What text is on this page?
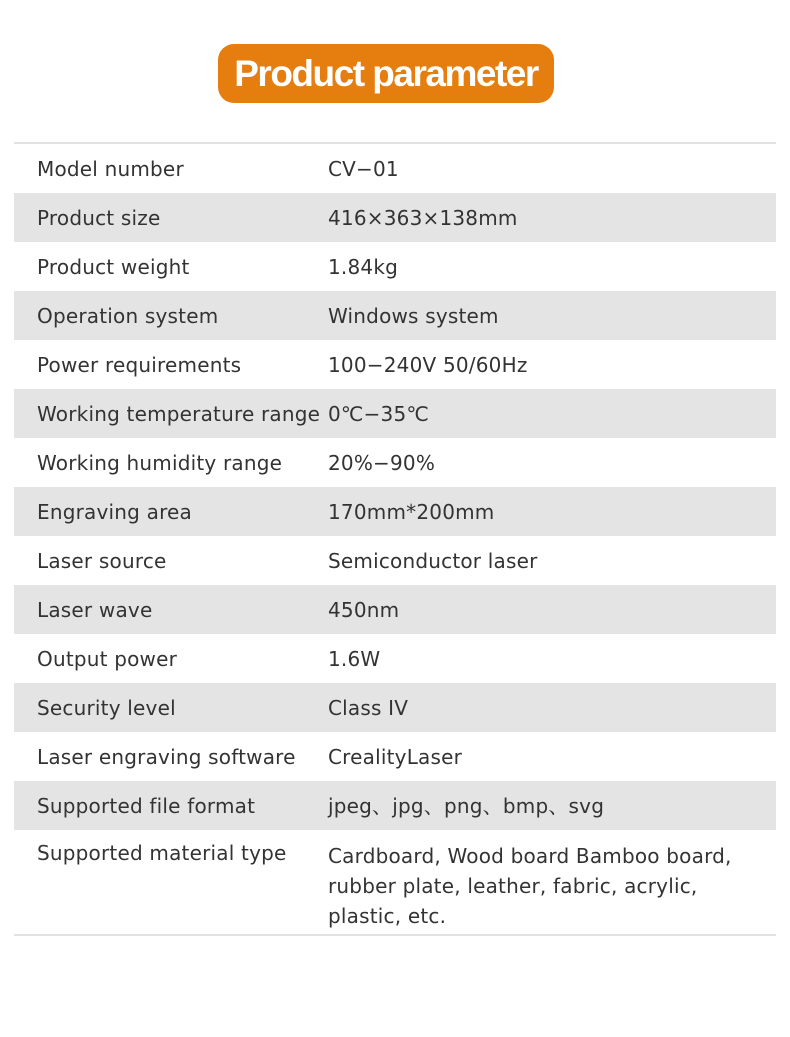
Product parameter
Model number	CV−01
Product size	416×363×138mm
Product weight	1.84kg
Operation system	Windows system
Power requirements	100−240V 50/60Hz
Working temperature range 0℃−35℃
Working humidity range	20%−90%
Engraving area	170mm*200mm
Laser source	Semiconductor laser
Laser wave	450nm
Output power	1.6W
Security level	Class IV
Laser engraving software	CrealityLaser
Supported file format	jpeg、jpg、png、bmp、svg
Supported material type	Cardboard, Wood board Bamboo board, rubber plate, leather, fabric, acrylic, plastic, etc.
